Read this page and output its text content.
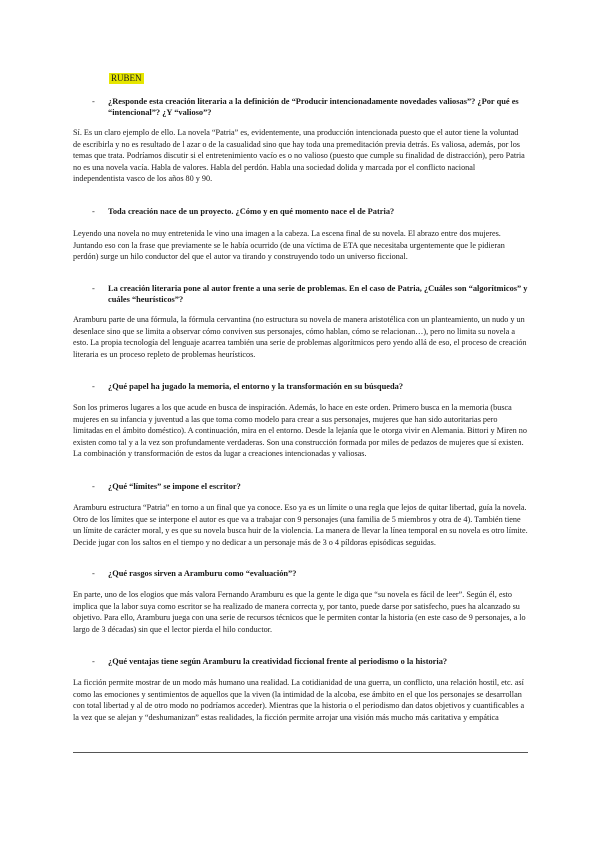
RUBEN
- ¿Responde esta creación literaria a la definición de “Producir intencionadamente novedades valiosas”? ¿Por qué es “intencional”? ¿Y “valioso”?
Sí. Es un claro ejemplo de ello. La novela “Patria” es, evidentemente, una producción intencionada puesto que el autor tiene la voluntad de escribirla y no es resultado de l azar o de la casualidad sino que hay toda una premeditación previa detrás. Es valiosa, además, por los temas que trata. Podríamos discutir si el entretenimiento vacío es o no valioso (puesto que cumple su finalidad de distracción), pero Patria no es una novela vacía. Habla de valores. Habla del perdón. Habla una sociedad dolida y marcada por el conflicto nacional independentista vasco de los años 80 y 90.
- Toda creación nace de un proyecto. ¿Cómo y en qué momento nace el de Patria?
Leyendo una novela no muy entretenida le vino una imagen a la cabeza. La escena final de su novela. El abrazo entre dos mujeres. Juntando eso con la frase que previamente se le había ocurrido (de una víctima de ETA que necesitaba urgentemente que le pidieran perdón) surge un hilo conductor del que el autor va tirando y construyendo todo un universo ficcional.
- La creación literaria pone al autor frente a una serie de problemas. En el caso de Patria, ¿Cuáles son “algorítmicos” y cuáles “heurísticos”?
Aramburu parte de una fórmula, la fórmula cervantina (no estructura su novela de manera aristotélica con un planteamiento, un nudo y un desenlace sino que se limita a observar cómo conviven sus personajes, cómo hablan, cómo se relacionan…), pero no limita su novela a esto. La propia tecnología del lenguaje acarrea también una serie de problemas algorítmicos pero yendo allá de eso, el proceso de creación literaria es un proceso repleto de problemas heurísticos.
- ¿Qué papel ha jugado la memoria, el entorno y la transformación en su búsqueda?
Son los primeros lugares a los que acude en busca de inspiración. Además, lo hace en este orden. Primero busca en la memoria (busca mujeres en su infancia y juventud a las que toma como modelo para crear a sus personajes, mujeres que han sido autoritarias pero limitadas en el ámbito doméstico). A continuación, mira en el entorno. Desde la lejanía que le otorga vivir en Alemania. Bittori y Miren no existen como tal y a la vez son profundamente verdaderas. Son una construcción formada por miles de pedazos de mujeres que sí existen. La combinación y transformación de estos da lugar a creaciones intencionadas y valiosas.
- ¿Qué “límites” se impone el escritor?
Aramburu estructura “Patria” en torno a un final que ya conoce. Eso ya es un límite o una regla que lejos de quitar libertad, guía la novela. Otro de los límites que se interpone el autor es que va a trabajar con 9 personajes (una familia de 5 miembros y otra de 4). También tiene un límite de carácter moral, y es que su novela busca huir de la violencia. La manera de llevar la línea temporal en su novela es otro límite. Decide jugar con los saltos en el tiempo y no dedicar a un personaje más de 3 o 4 píldoras episódicas seguidas.
- ¿Qué rasgos sirven a Aramburu como “evaluación”?
En parte, uno de los elogios que más valora Fernando Aramburu es que la gente le diga que “su novela es fácil de leer”. Según él, esto implica que la labor suya como escritor se ha realizado de manera correcta y, por tanto, puede darse por satisfecho, pues ha alcanzado su objetivo. Para ello, Aramburu juega con una serie de recursos técnicos que le permiten contar la historia (en este caso de 9 personajes, a lo largo de 3 décadas) sin que el lector pierda el hilo conductor.
- ¿Qué ventajas tiene según Aramburu la creatividad ficcional frente al periodismo o la historia?
La ficción permite mostrar de un modo más humano una realidad. La cotidianidad de una guerra, un conflicto, una relación hostil, etc. así como las emociones y sentimientos de aquellos que la viven (la intimidad de la alcoba, ese ámbito en el que los personajes se desarrollan con total libertad y al de otro modo no podríamos acceder). Mientras que la historia o el periodismo dan datos objetivos y cuantificables a la vez que se alejan y “deshumanizan” estas realidades, la ficción permite arrojar una visión más mucho más caritativa y empática
